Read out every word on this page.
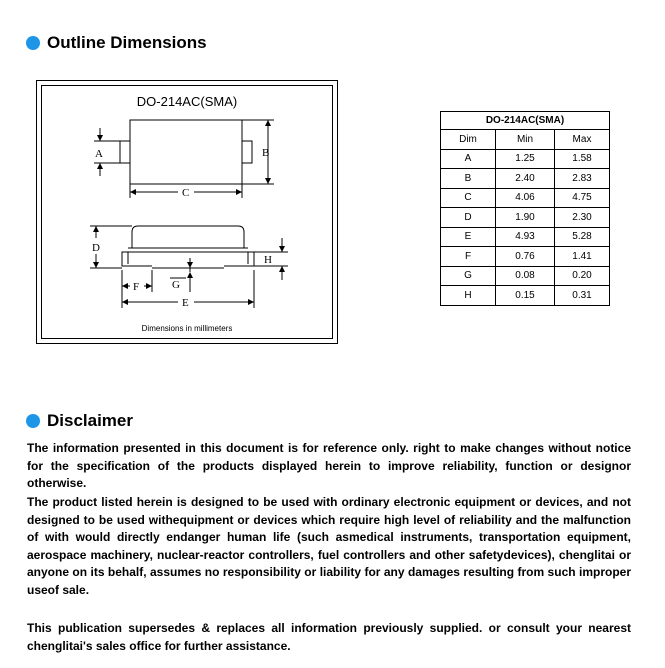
Outline Dimensions
DO-214AC(SMA)
A	B
C
D
E
F	G
H
Dimensions in millimeters
DO-214AC(SMA)		
Dim	Min	Max
A	1.25	1.58
B	2.40	2.83
C	4.06	4.75
D	1.90	2.30
E	4.93	5.28
F	0.76	1.41
G	0.08	0.20
H	0.15	0.31
Disclaimer

The information presented in this document is for reference only. right to make changes without notice for the specification of the products displayed herein to improve reliability, function or designor otherwise.

The product listed herein is designed to be used with ordinary electronic equipment or devices, and not designed to be used withequipment or devices which require high level of reliability and the malfunction of with would directly endanger human life (such asmedical instruments, transportation equipment, aerospace machinery, nuclear-reactor controllers, fuel controllers and other safetydevices), chenglitai or anyone on its behalf, assumes no responsibility or liability for any damages resulting from such improper useof sale.

This publication supersedes & replaces all information previously supplied. or consult your nearest chenglitai's sales office for further assistance.
